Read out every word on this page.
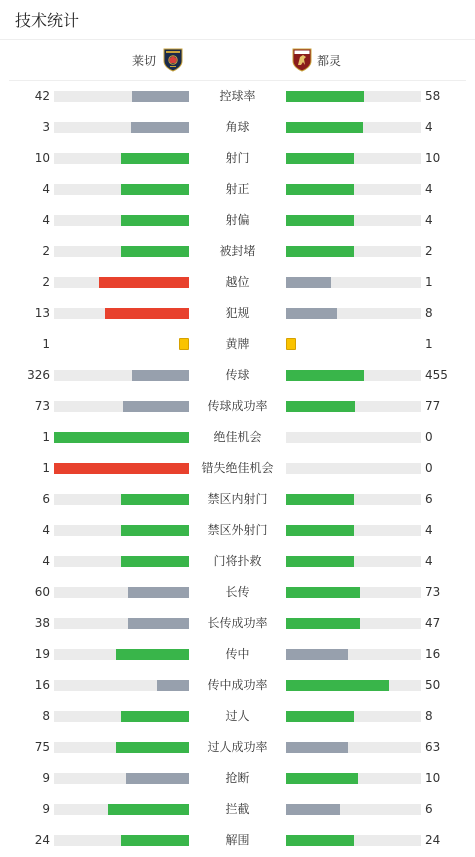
技术统计
莱切	都灵
42	控球率	58
3	角球	4
10	射门	10
4	射正	4
4	射偏	4
2	被封堵	2
2	越位	1
13	犯规	8
1	黄牌	1
326	传球	455
73	传球成功率	77
1	绝佳机会	0
1	错失绝佳机会	0
6	禁区内射门	6
4	禁区外射门	4
4	门将扑救	4
60	长传	73
38	长传成功率	47
19	传中	16
16	传中成功率	50
8	过人	8
75	过人成功率	63
9	抢断	10
9	拦截	6
24	解围	24
